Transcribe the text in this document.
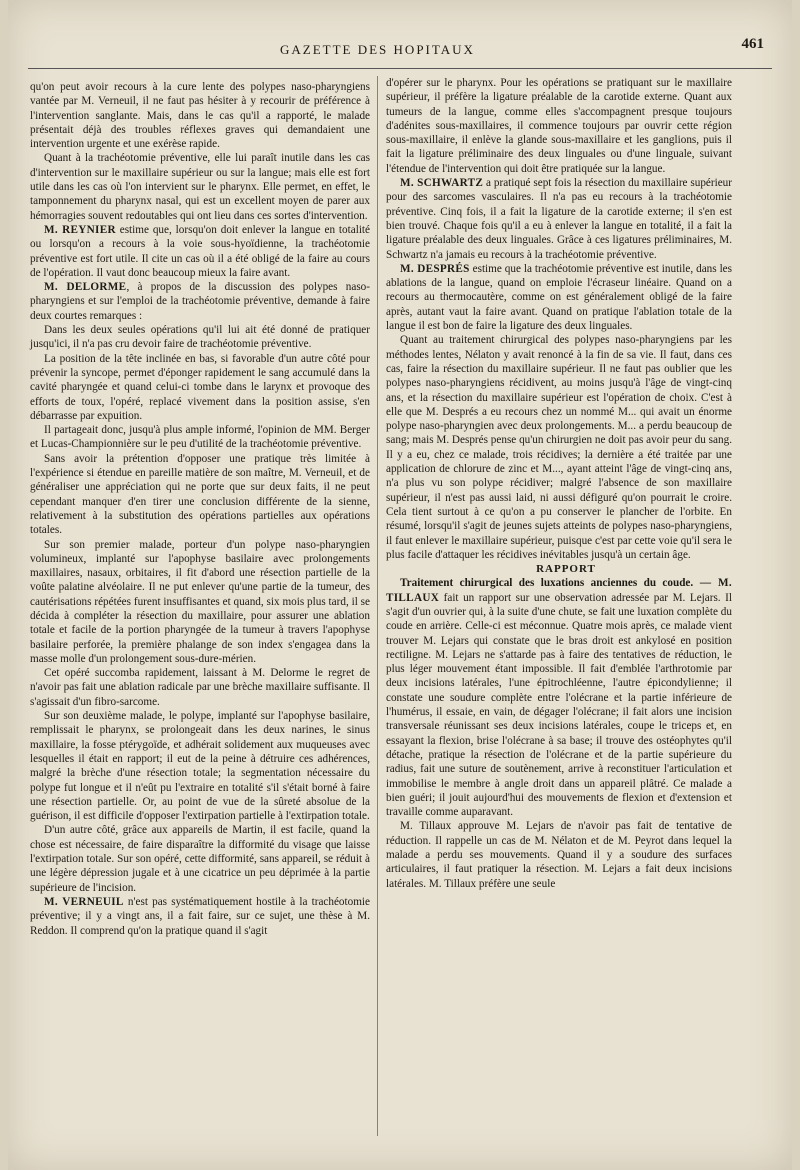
GAZETTE DES HOPITAUX	461

qu'on peut avoir recours à la cure lente des polypes naso-pharyngiens vantée par M. Verneuil, il ne faut pas hésiter à y recourir de préférence à l'intervention sanglante. Mais, dans le cas qu'il a rapporté, le malade présentait déjà des troubles réflexes graves qui demandaient une intervention urgente et une exérèse rapide.

Quant à la trachéotomie préventive, elle lui paraît inutile dans les cas d'intervention sur le maxillaire supérieur ou sur la langue; mais elle est fort utile dans les cas où l'on intervient sur le pharynx. Elle permet, en effet, le tamponnement du pharynx nasal, qui est un excellent moyen de parer aux hémorragies souvent redoutables qui ont lieu dans ces sortes d'intervention.

M. REYNIER estime que, lorsqu'on doit enlever la langue en totalité ou lorsqu'on a recours à la voie sous-hyoïdienne, la trachéotomie préventive est fort utile. Il cite un cas où il a été obligé de la faire au cours de l'opération. Il vaut donc beaucoup mieux la faire avant.

M. DELORME, à propos de la discussion des polypes naso-pharyngiens et sur l'emploi de la trachéotomie préventive, demande à faire deux courtes remarques :

Dans les deux seules opérations qu'il lui ait été donné de pratiquer jusqu'ici, il n'a pas cru devoir faire de trachéotomie préventive.

La position de la tête inclinée en bas, si favorable d'un autre côté pour prévenir la syncope, permet d'éponger rapidement le sang accumulé dans la cavité pharyngée et quand celui-ci tombe dans le larynx et provoque des efforts de toux, l'opéré, replacé vivement dans la position assise, s'en débarrasse par expuition.

Il partageait donc, jusqu'à plus ample informé, l'opinion de MM. Berger et Lucas-Championnière sur le peu d'utilité de la trachéotomie préventive.

Sans avoir la prétention d'opposer une pratique très limitée à l'expérience si étendue en pareille matière de son maître, M. Verneuil, et de généraliser une appréciation qui ne porte que sur deux faits, il ne peut cependant manquer d'en tirer une conclusion différente de la sienne, relativement à la substitution des opérations partielles aux opérations totales.

Sur son premier malade, porteur d'un polype naso-pharyngien volumineux, implanté sur l'apophyse basilaire avec prolongements maxillaires, nasaux, orbitaires, il fit d'abord une résection partielle de la voûte palatine alvéolaire. Il ne put enlever qu'une partie de la tumeur, des cautérisations répétées furent insuffisantes et quand, six mois plus tard, il se décida à compléter la résection du maxillaire, pour assurer une ablation totale et facile de la portion pharyngée de la tumeur à travers l'apophyse basilaire perforée, la première phalange de son index s'engagea dans la masse molle d'un prolongement sous-dure-mérien.

Cet opéré succomba rapidement, laissant à M. Delorme le regret de n'avoir pas fait une ablation radicale par une brèche maxillaire suffisante. Il s'agissait d'un fibro-sarcome.

Sur son deuxième malade, le polype, implanté sur l'apophyse basilaire, remplissait le pharynx, se prolongeait dans les deux narines, le sinus maxillaire, la fosse ptérygoïde, et adhérait solidement aux muqueuses avec lesquelles il était en rapport; il eut de la peine à détruire ces adhérences, malgré la brèche d'une résection totale; la segmentation nécessaire du polype fut longue et il n'eût pu l'extraire en totalité s'il s'était borné à faire une résection partielle. Or, au point de vue de la sûreté absolue de la guérison, il est difficile d'opposer l'extirpation partielle à l'extirpation totale.

D'un autre côté, grâce aux appareils de Martin, il est facile, quand la chose est nécessaire, de faire disparaître la difformité du visage que laisse l'extirpation totale. Sur son opéré, cette difformité, sans appareil, se réduit à une légère dépression jugale et à une cicatrice un peu déprimée à la partie supérieure de l'incision.

M. VERNEUIL n'est pas systématiquement hostile à la trachéotomie préventive; il y a vingt ans, il a fait faire, sur ce sujet, une thèse à M. Reddon. Il comprend qu'on la pratique quand il s'agit

d'opérer sur le pharynx. Pour les opérations se pratiquant sur le maxillaire supérieur, il préfère la ligature préalable de la carotide externe. Quant aux tumeurs de la langue, comme elles s'accompagnent presque toujours d'adénites sous-maxillaires, il commence toujours par ouvrir cette région sous-maxillaire, il enlève la glande sous-maxillaire et les ganglions, puis il fait la ligature préliminaire des deux linguales ou d'une linguale, suivant l'étendue de l'intervention qui doit être pratiquée sur la langue.

M. SCHWARTZ a pratiqué sept fois la résection du maxillaire supérieur pour des sarcomes vasculaires. Il n'a pas eu recours à la trachéotomie préventive. Cinq fois, il a fait la ligature de la carotide externe; il s'en est bien trouvé. Chaque fois qu'il a eu à enlever la langue en totalité, il a fait la ligature préalable des deux linguales. Grâce à ces ligatures préliminaires, M. Schwartz n'a jamais eu recours à la trachéotomie préventive.

M. DESPRÉS estime que la trachéotomie préventive est inutile, dans les ablations de la langue, quand on emploie l'écraseur linéaire. Quand on a recours au thermocautère, comme on est généralement obligé de la faire après, autant vaut la faire avant. Quand on pratique l'ablation totale de la langue il est bon de faire la ligature des deux linguales.

Quant au traitement chirurgical des polypes naso-pharyngiens par les méthodes lentes, Nélaton y avait renoncé à la fin de sa vie. Il faut, dans ces cas, faire la résection du maxillaire supérieur. Il ne faut pas oublier que les polypes naso-pharyngiens récidivent, au moins jusqu'à l'âge de vingt-cinq ans, et la résection du maxillaire supérieur est l'opération de choix. C'est à elle que M. Després a eu recours chez un nommé M... qui avait un énorme polype naso-pharyngien avec deux prolongements. M... a perdu beaucoup de sang; mais M. Després pense qu'un chirurgien ne doit pas avoir peur du sang. Il y a eu, chez ce malade, trois récidives; la dernière a été traitée par une application de chlorure de zinc et M..., ayant atteint l'âge de vingt-cinq ans, n'a plus vu son polype récidiver; malgré l'absence de son maxillaire supérieur, il n'est pas aussi laid, ni aussi défiguré qu'on pourrait le croire. Cela tient surtout à ce qu'on a pu conserver le plancher de l'orbite. En résumé, lorsqu'il s'agit de jeunes sujets atteints de polypes naso-pharyngiens, il faut enlever le maxillaire supérieur, puisque c'est par cette voie qu'il sera le plus facile d'attaquer les récidives inévitables jusqu'à un certain âge.

RAPPORT

Traitement chirurgical des luxations anciennes du coude. — M. TILLAUX fait un rapport sur une observation adressée par M. Lejars. Il s'agit d'un ouvrier qui, à la suite d'une chute, se fait une luxation complète du coude en arrière. Celle-ci est méconnue. Quatre mois après, ce malade vient trouver M. Lejars qui constate que le bras droit est ankylosé en position rectiligne. M. Lejars ne s'attarde pas à faire des tentatives de réduction, le plus léger mouvement étant impossible. Il fait d'emblée l'arthrotomie par deux incisions latérales, l'une épitrochléenne, l'autre épicondylienne; il constate une soudure complète entre l'olécrane et la partie inférieure de l'humérus, il essaie, en vain, de dégager l'olécrane; il fait alors une incision transversale réunissant ses deux incisions latérales, coupe le triceps et, en essayant la flexion, brise l'olécrane à sa base; il trouve des ostéophytes qu'il détache, pratique la résection de l'olécrane et de la partie supérieure du radius, fait une suture de soutènement, arrive à reconstituer l'articulation et immobilise le membre à angle droit dans un appareil plâtré. Ce malade a bien guéri; il jouit aujourd'hui des mouvements de flexion et d'extension et travaille comme auparavant.

M. Tillaux approuve M. Lejars de n'avoir pas fait de tentative de réduction. Il rappelle un cas de M. Nélaton et de M. Peyrot dans lequel la malade a perdu ses mouvements. Quand il y a soudure des surfaces articulaires, il faut pratiquer la résection. M. Lejars a fait deux incisions latérales. M. Tillaux préfère une seule
